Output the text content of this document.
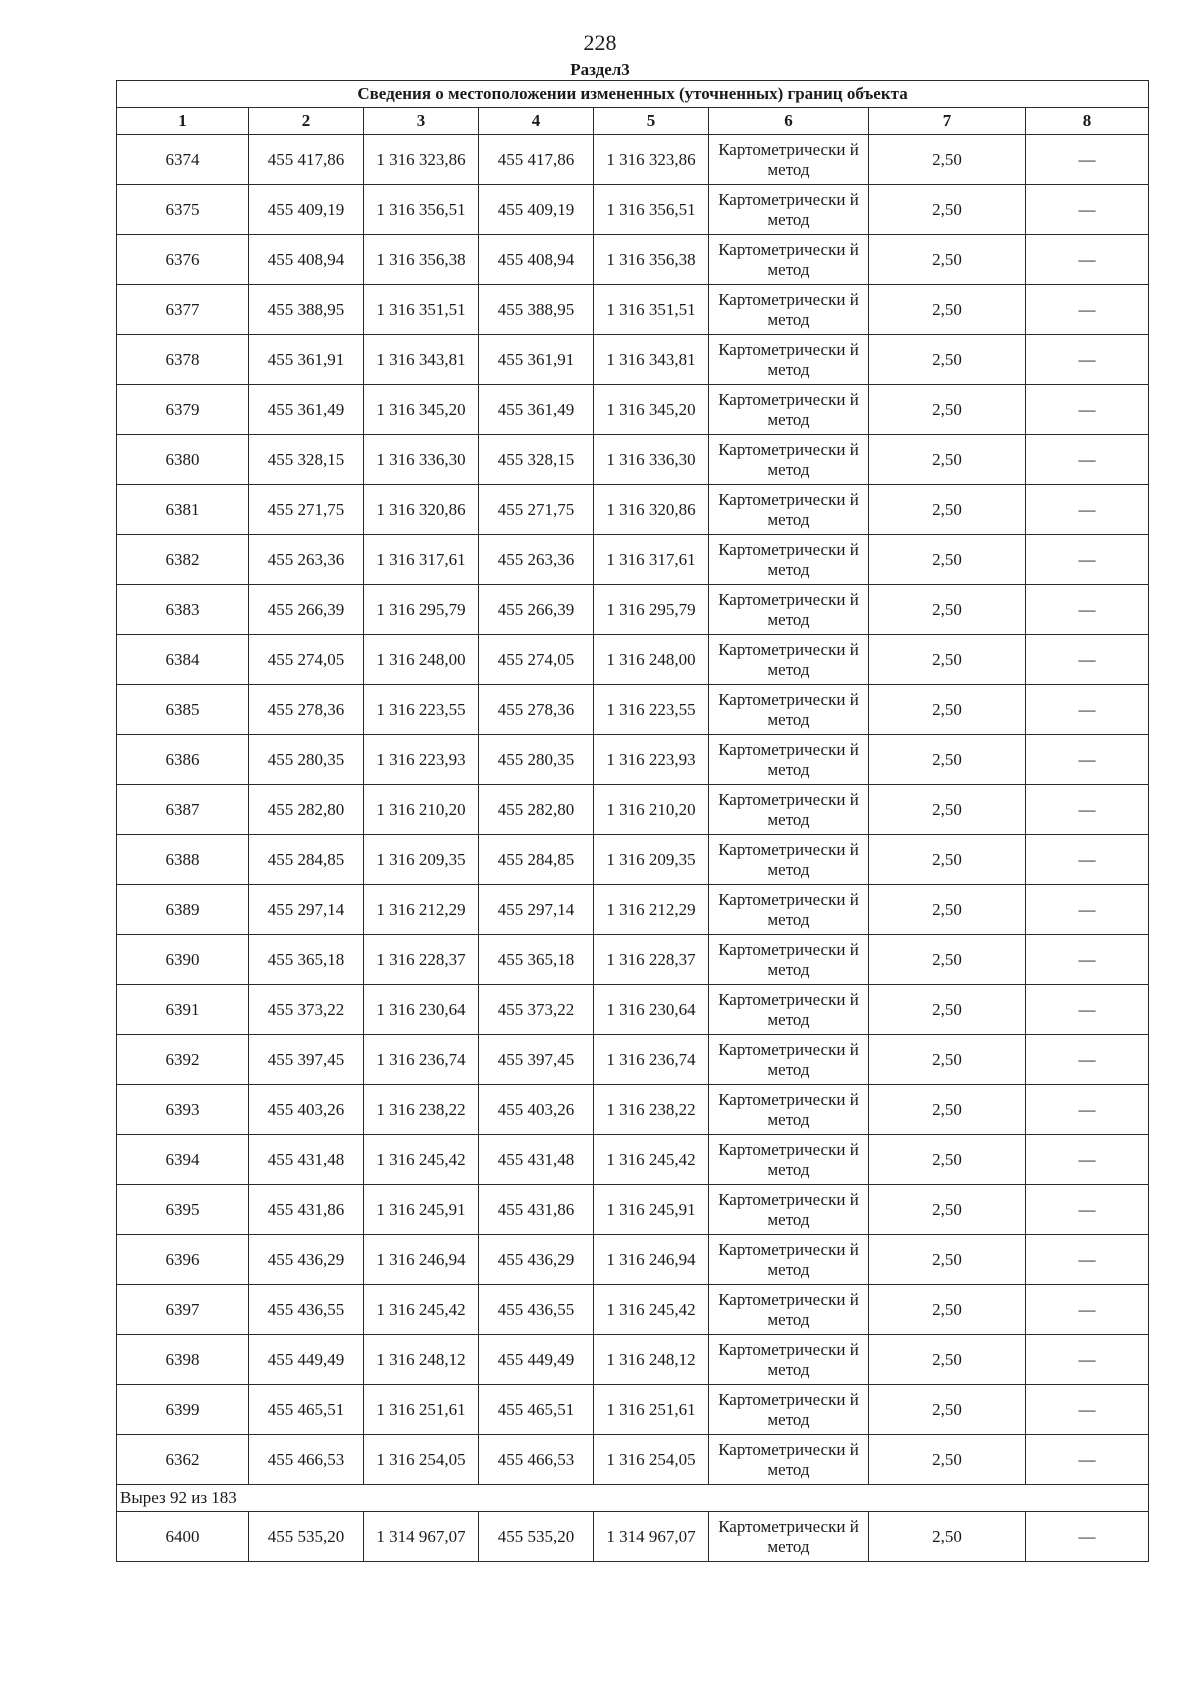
228
Раздел3
Сведения о местоположении измененных (уточненных) границ объекта							
1	2	3	4	5	6	7	8
6374	455 417,86	1 316 323,86	455 417,86	1 316 323,86	Картометрически й метод	2,50	—
6375	455 409,19	1 316 356,51	455 409,19	1 316 356,51	Картометрически й метод	2,50	—
6376	455 408,94	1 316 356,38	455 408,94	1 316 356,38	Картометрически й метод	2,50	—
6377	455 388,95	1 316 351,51	455 388,95	1 316 351,51	Картометрически й метод	2,50	—
6378	455 361,91	1 316 343,81	455 361,91	1 316 343,81	Картометрически й метод	2,50	—
6379	455 361,49	1 316 345,20	455 361,49	1 316 345,20	Картометрически й метод	2,50	—
6380	455 328,15	1 316 336,30	455 328,15	1 316 336,30	Картометрически й метод	2,50	—
6381	455 271,75	1 316 320,86	455 271,75	1 316 320,86	Картометрически й метод	2,50	—
6382	455 263,36	1 316 317,61	455 263,36	1 316 317,61	Картометрически й метод	2,50	—
6383	455 266,39	1 316 295,79	455 266,39	1 316 295,79	Картометрически й метод	2,50	—
6384	455 274,05	1 316 248,00	455 274,05	1 316 248,00	Картометрически й метод	2,50	—
6385	455 278,36	1 316 223,55	455 278,36	1 316 223,55	Картометрически й метод	2,50	—
6386	455 280,35	1 316 223,93	455 280,35	1 316 223,93	Картометрически й метод	2,50	—
6387	455 282,80	1 316 210,20	455 282,80	1 316 210,20	Картометрически й метод	2,50	—
6388	455 284,85	1 316 209,35	455 284,85	1 316 209,35	Картометрически й метод	2,50	—
6389	455 297,14	1 316 212,29	455 297,14	1 316 212,29	Картометрически й метод	2,50	—
6390	455 365,18	1 316 228,37	455 365,18	1 316 228,37	Картометрически й метод	2,50	—
6391	455 373,22	1 316 230,64	455 373,22	1 316 230,64	Картометрически й метод	2,50	—
6392	455 397,45	1 316 236,74	455 397,45	1 316 236,74	Картометрически й метод	2,50	—
6393	455 403,26	1 316 238,22	455 403,26	1 316 238,22	Картометрически й метод	2,50	—
6394	455 431,48	1 316 245,42	455 431,48	1 316 245,42	Картометрически й метод	2,50	—
6395	455 431,86	1 316 245,91	455 431,86	1 316 245,91	Картометрически й метод	2,50	—
6396	455 436,29	1 316 246,94	455 436,29	1 316 246,94	Картометрически й метод	2,50	—
6397	455 436,55	1 316 245,42	455 436,55	1 316 245,42	Картометрически й метод	2,50	—
6398	455 449,49	1 316 248,12	455 449,49	1 316 248,12	Картометрически й метод	2,50	—
6399	455 465,51	1 316 251,61	455 465,51	1 316 251,61	Картометрически й метод	2,50	—
6362	455 466,53	1 316 254,05	455 466,53	1 316 254,05	Картометрически й метод	2,50	—
Вырез 92 из 183							
6400	455 535,20	1 314 967,07	455 535,20	1 314 967,07	Картометрически й метод	2,50	—
